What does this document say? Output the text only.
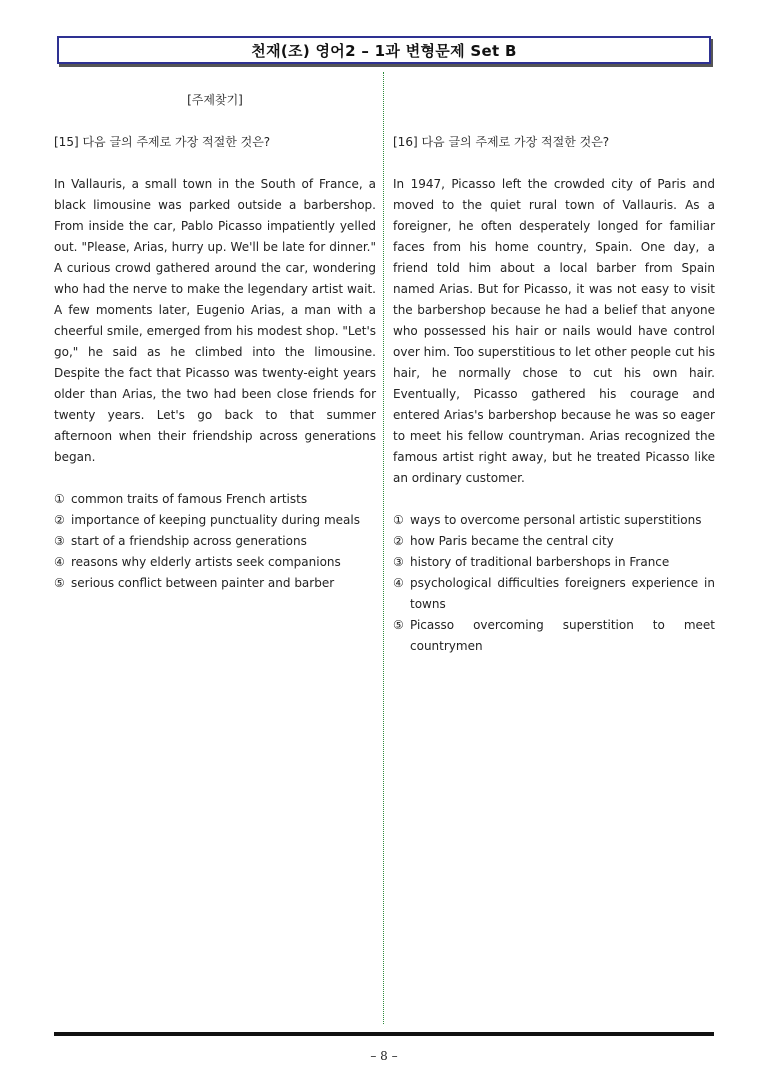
천재(조) 영어2 – 1과 변형문제 Set B
[주제찾기]
[15] 다음 글의 주제로 가장 적절한 것은?
In Vallauris, a small town in the South of France, a black limousine was parked outside a barbershop. From inside the car, Pablo Picasso impatiently yelled out. "Please, Arias, hurry up. We'll be late for dinner." A curious crowd gathered around the car, wondering who had the nerve to make the legendary artist wait. A few moments later, Eugenio Arias, a man with a cheerful smile, emerged from his modest shop. "Let's go," he said as he climbed into the limousine. Despite the fact that Picasso was twenty-eight years older than Arias, the two had been close friends for twenty years. Let's go back to that summer afternoon when their friendship across generations began.
① common traits of famous French artists
② importance of keeping punctuality during meals
③ start of a friendship across generations
④ reasons why elderly artists seek companions
⑤ serious conflict between painter and barber
[16] 다음 글의 주제로 가장 적절한 것은?
In 1947, Picasso left the crowded city of Paris and moved to the quiet rural town of Vallauris. As a foreigner, he often desperately longed for familiar faces from his home country, Spain. One day, a friend told him about a local barber from Spain named Arias. But for Picasso, it was not easy to visit the barbershop because he had a belief that anyone who possessed his hair or nails would have control over him. Too superstitious to let other people cut his hair, he normally chose to cut his own hair. Eventually, Picasso gathered his courage and entered Arias's barbershop because he was so eager to meet his fellow countryman. Arias recognized the famous artist right away, but he treated Picasso like an ordinary customer.
① ways to overcome personal artistic superstitions
② how Paris became the central city
③ history of traditional barbershops in France
④ psychological difficulties foreigners experience in towns
⑤ Picasso overcoming superstition to meet countrymen
– 8 –
